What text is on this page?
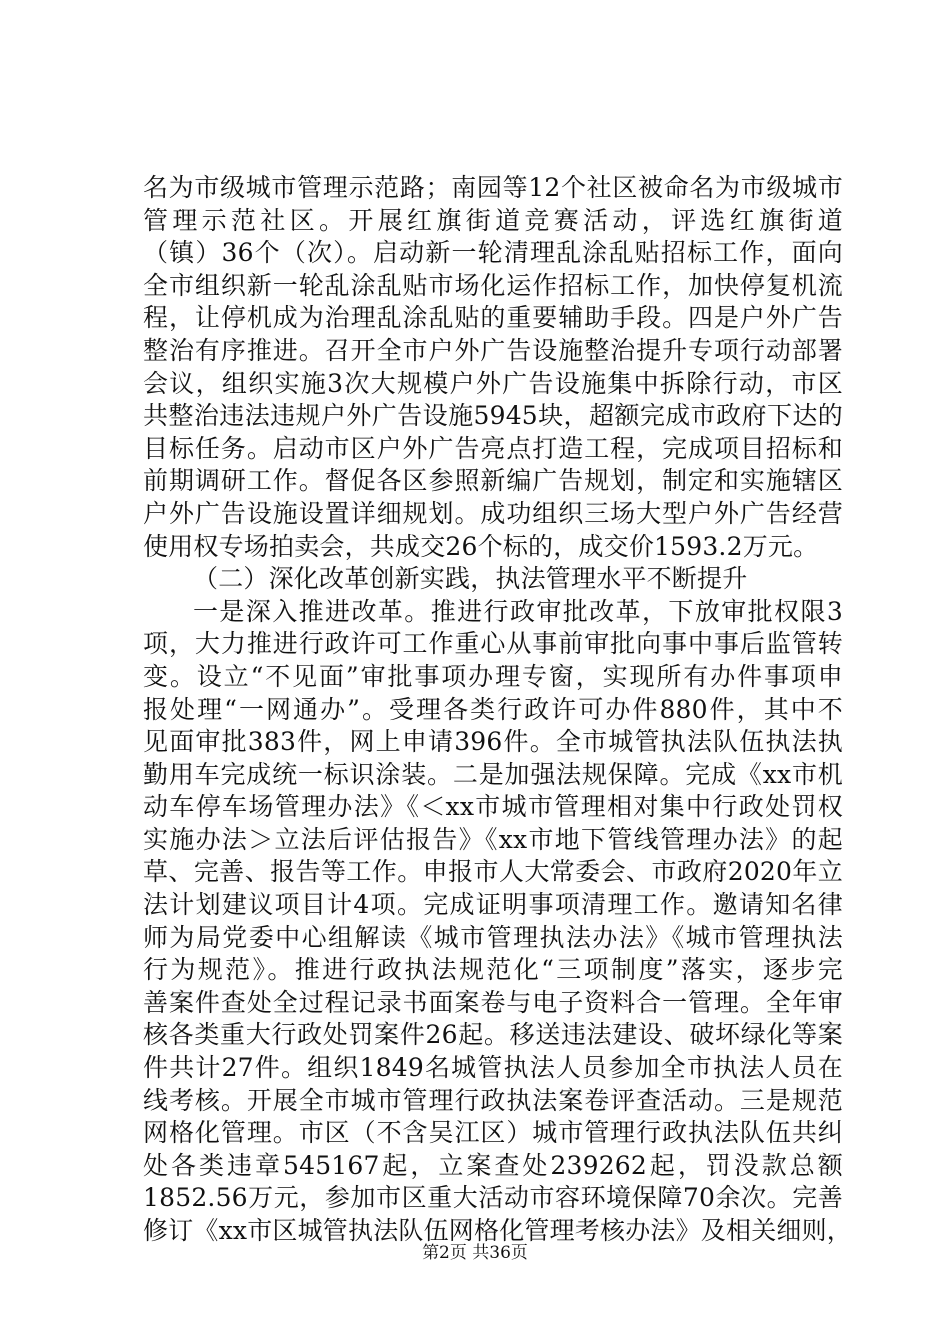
名为市级城市管理示范路；南园等12个社区被命名为市级城市
管理示范社区。开展红旗街道竞赛活动，评选红旗街道
（镇）36个（次）。启动新一轮清理乱涂乱贴招标工作，面向
全市组织新一轮乱涂乱贴市场化运作招标工作，加快停复机流
程，让停机成为治理乱涂乱贴的重要辅助手段。四是户外广告
整治有序推进。召开全市户外广告设施整治提升专项行动部署
会议，组织实施3次大规模户外广告设施集中拆除行动，市区
共整治违法违规户外广告设施5945块，超额完成市政府下达的
目标任务。启动市区户外广告亮点打造工程，完成项目招标和
前期调研工作。督促各区参照新编广告规划，制定和实施辖区
户外广告设施设置详细规划。成功组织三场大型户外广告经营
使用权专场拍卖会，共成交26个标的，成交价1593.2万元。
（二）深化改革创新实践，执法管理水平不断提升
一是深入推进改革。推进行政审批改革，下放审批权限3
项，大力推进行政许可工作重心从事前审批向事中事后监管转
变。设立“不见面”审批事项办理专窗，实现所有办件事项申
报处理“一网通办”。受理各类行政许可办件880件，其中不
见面审批383件，网上申请396件。全市城管执法队伍执法执
勤用车完成统一标识涂装。二是加强法规保障。完成《xx市机
动车停车场管理办法》《＜xx市城市管理相对集中行政处罚权
实施办法＞立法后评估报告》《xx市地下管线管理办法》的起
草、完善、报告等工作。申报市人大常委会、市政府2020年立
法计划建议项目计4项。完成证明事项清理工作。邀请知名律
师为局党委中心组解读《城市管理执法办法》《城市管理执法
行为规范》。推进行政执法规范化“三项制度”落实，逐步完
善案件查处全过程记录书面案卷与电子资料合一管理。全年审
核各类重大行政处罚案件26起。移送违法建设、破坏绿化等案
件共计27件。组织1849名城管执法人员参加全市执法人员在
线考核。开展全市城市管理行政执法案卷评查活动。三是规范
网格化管理。市区（不含吴江区）城市管理行政执法队伍共纠
处各类违章545167起，立案查处239262起，罚没款总额
1852.56万元，参加市区重大活动市容环境保障70余次。完善
修订《xx市区城管执法队伍网格化管理考核办法》及相关细则，
第2页 共36页
